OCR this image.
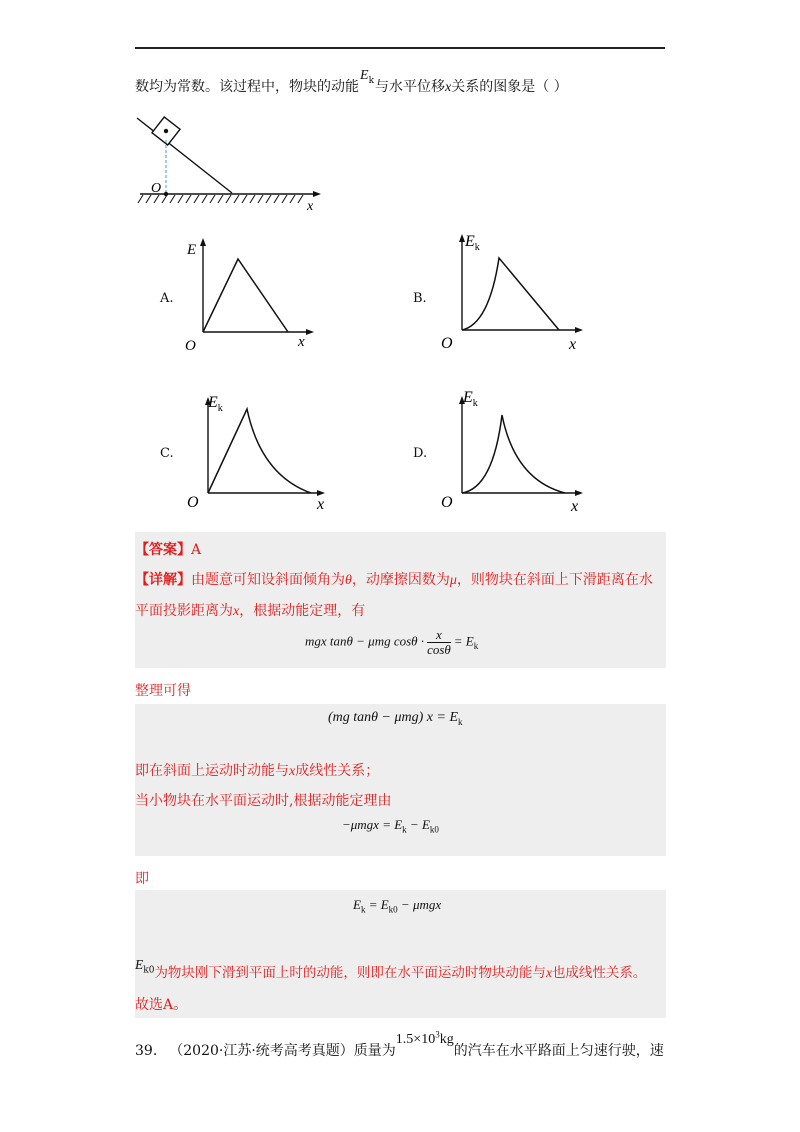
数均为常数。该过程中，物块的动能$E_k$与水平位移x关系的图象是（ ）
O
x
A.
E
O	x
B.
$E_k$
O	x
C.
$E_k$
O	x
D.
$E_k$
O	x
【答案】A
【详解】由题意可知设斜面倾角为θ，动摩擦因数为μ，则物块在斜面上下滑距离在水
平面投影距离为x，根据动能定理，有
mgx tanθ − μmg $\cos\theta \cdot \frac{x}{\cos\theta} = E_k$
整理可得
(mg tanθ − μmg) $x = E_k$
即在斜面上运动时动能与x成线性关系；
当小物块在水平面运动时,根据动能定理由
$-\mu mgx = E_k - E_{k0}$
即
$E_k = E_{k0} - \mu mgx$
$E_{k0}$为物块刚下滑到平面上时的动能，则即在水平面运动时物块动能与x也成线性关系。
故选A。
39. （2020·江苏·统考高考真题）质量为$1.5\times 10^3kg$的汽车在水平路面上匀速行驶，速
